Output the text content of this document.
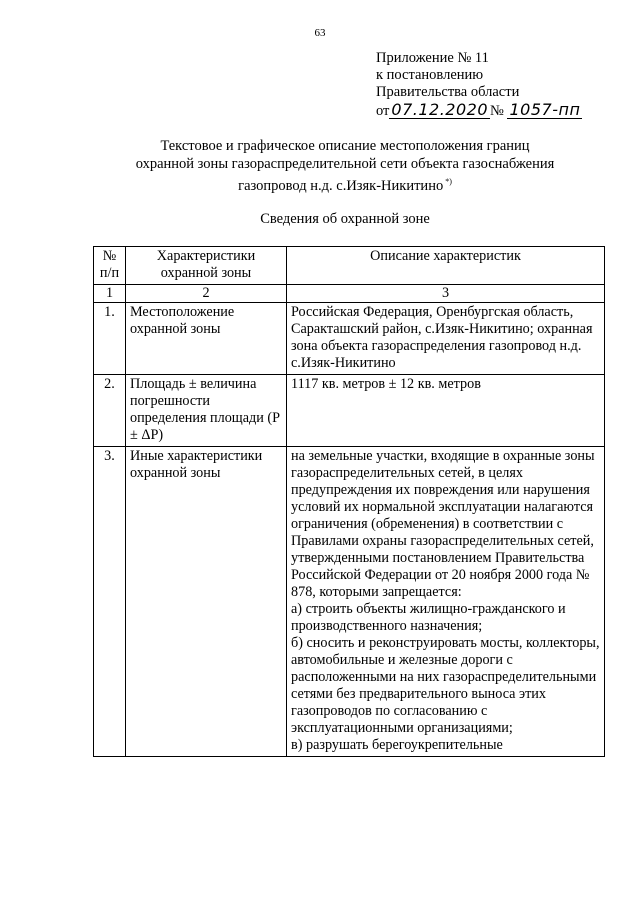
63
Приложение № 11
к постановлению
Правительства области
от 07.12.2020 № 1057-пп
Текстовое и графическое описание местоположения границ
охранной зоны газораспределительной сети объекта газоснабжения
газопровод н.д. с.Изяк-Никитино *)
Сведения об охранной зоне
№ п/п	Характеристики охранной зоны	Описание характеристик
1	2	3
1.	Местоположение охранной зоны	Российская Федерация, Оренбургская область, Саракташский район, с.Изяк-Никитино; охранная зона объекта газораспределения газопровод н.д. с.Изяк-Никитино
2.	Площадь ± величина погрешности определения площади (P ± ΔP)	1117 кв. метров ± 12 кв. метров
3.	Иные характеристики охранной зоны	на земельные участки, входящие в охранные зоны газораспределительных сетей, в целях предупреждения их повреждения или нарушения условий их нормальной эксплуатации налагаются ограничения (обременения) в соответствии с Правилами охраны газораспределительных сетей, утвержденными постановлением Правительства Российской Федерации от 20 ноября 2000 года № 878, которыми запрещается:
а) строить объекты жилищно-гражданского и производственного назначения;
б) сносить и реконструировать мосты, коллекторы, автомобильные и железные дороги с расположенными на них газораспределительными сетями без предварительного выноса этих газопроводов по согласованию с эксплуатационными организациями;
в) разрушать берегоукрепительные
